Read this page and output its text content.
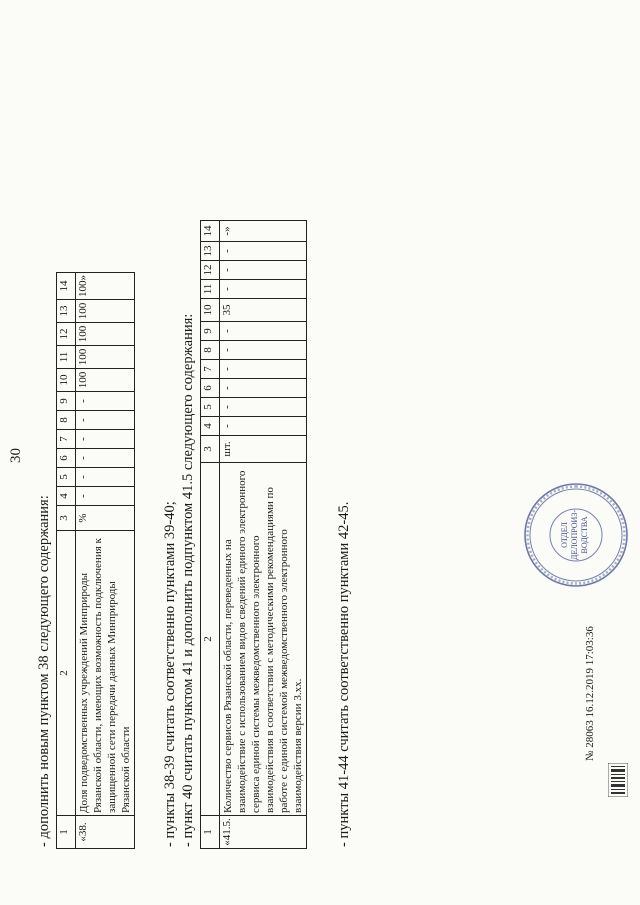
30
- дополнить новым пунктом 38 следующего содержания: 1	2	3	4	5	6	7	8	9	10	11	12	13	14
«38.	Доля подведомственных учреждений Минприроды Рязанской области, имеющих возможность подключения к защищенной сети передачи данных Минприроды Рязанской области	%	-	-	-	-	-	-	100	100	100	100	100»
- пункты 38-39 считать соответственно пунктами 39-40; - пункт 40 считать пунктом 41 и дополнить подпунктом 41.5 следующего содержания: 1	2	3	4	5	6	7	8	9	10	11	12	13	14
«41.5.	Количество сервисов Рязанской области, переведенных на взаимодействие с использованием видов сведений единого электронного сервиса единой системы межведомственного электронного взаимодействия в соответствии с методическими рекомендациями по работе с единой системой межведомственного электронного взаимодействия версии 3.хх.	шт.	-	-	-	-	-	-	35	-	-	-	-»
- пункты 41-44 считать соответственно пунктами 42-45.	ОТДЕЛ ДЕЛОПРОИЗ-ВОДСТВА
№ 28063 16.12.2019 17:03:36
